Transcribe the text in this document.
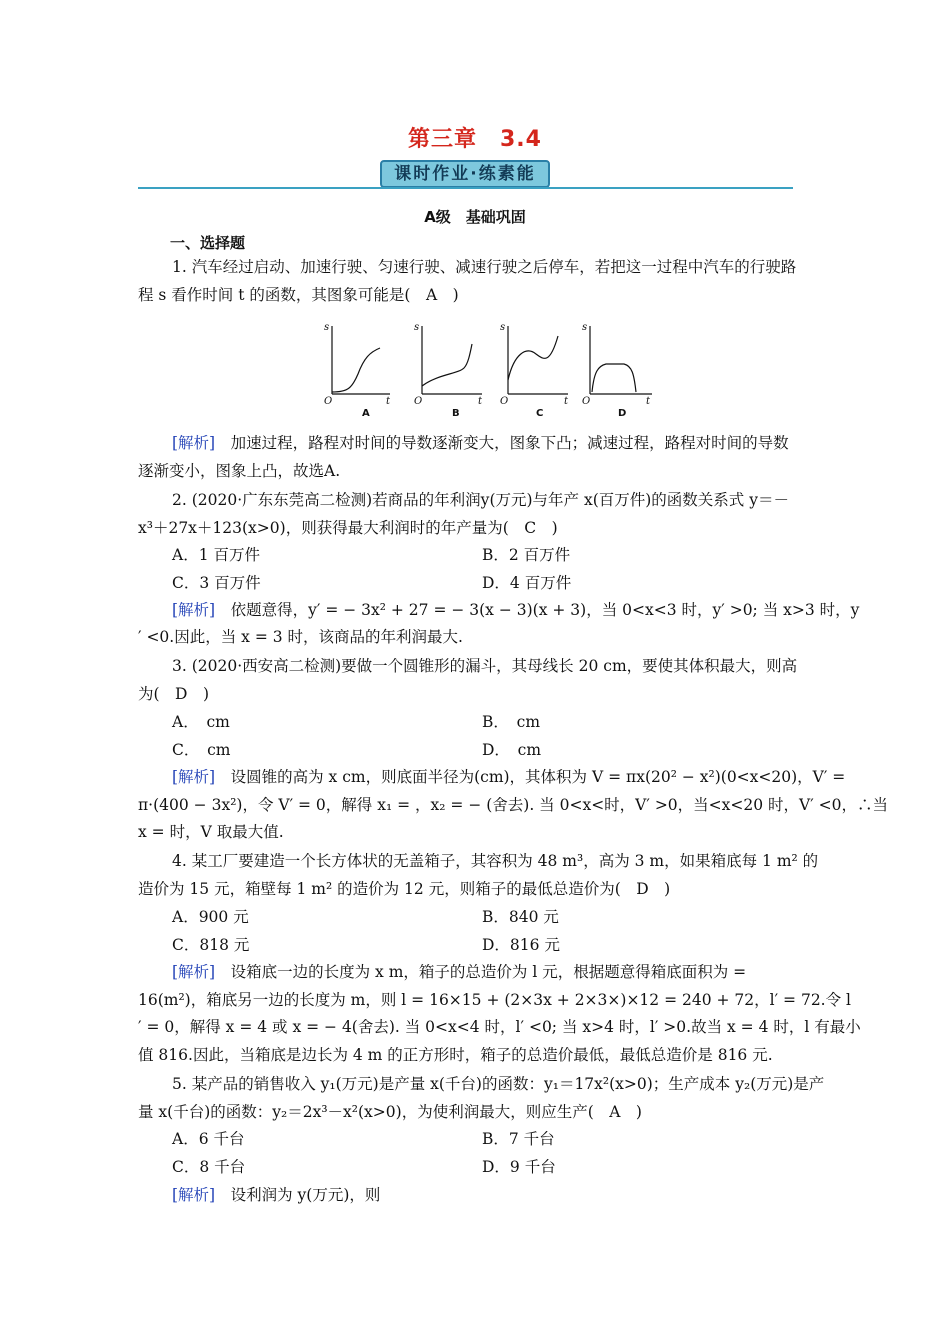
第三章　3.4
课时作业·练素能
A级　基础巩固
一、选择题
1. 汽车经过启动、加速行驶、匀速行驶、减速行驶之后停车，若把这一过程中汽车的行驶路
程 s 看作时间 t 的函数，其图象可能是(　A　)
s
t
O
s
t
O
s
t
O
s
t
O
A	B	C	D
[解析]　加速过程，路程对时间的导数逐渐变大，图象下凸；减速过程，路程对时间的导数
逐渐变小，图象上凸，故选A.
2. (2020·广东东莞高二检测)若商品的年利润y(万元)与年产 x(百万件)的函数关系式 y＝－
x³＋27x＋123(x>0)，则获得最大利润时的年产量为(　C　)
A．1 百万件	B．2 百万件
C．3 百万件	D．4 百万件
[解析]　依题意得，y′ = − 3x² + 27 = − 3(x − 3)(x + 3)，当 0<x<3 时，y′ >0; 当 x>3 时，y
′ <0.因此，当 x = 3 时，该商品的年利润最大.
3. (2020·西安高二检测)要做一个圆锥形的漏斗，其母线长 20 cm，要使其体积最大，则高
为(　D　)
A．　cm	B．　cm
C．　cm	D．　cm
[解析]　设圆锥的高为 x cm，则底面半径为(cm)，其体积为 V = πx(20² − x²)(0<x<20)，V′ =
π·(400 − 3x²)，令 V′ = 0，解得 x₁ = ，x₂ = − (舍去). 当 0<x<时，V′ >0，当<x<20 时，V′ <0，∴当
x = 时，V 取最大值.
4. 某工厂要建造一个长方体状的无盖箱子，其容积为 48 m³，高为 3 m，如果箱底每 1 m² 的
造价为 15 元，箱壁每 1 m² 的造价为 12 元，则箱子的最低总造价为(　D　)
A．900 元	B．840 元
C．818 元	D．816 元
[解析]　设箱底一边的长度为 x m，箱子的总造价为 l 元，根据题意得箱底面积为 =
16(m²)，箱底另一边的长度为 m，则 l = 16×15 + (2×3x + 2×3×)×12 = 240 + 72，l′ = 72.令 l
′ = 0，解得 x = 4 或 x = − 4(舍去). 当 0<x<4 时，l′ <0; 当 x>4 时，l′ >0.故当 x = 4 时，l 有最小
值 816.因此，当箱底是边长为 4 m 的正方形时，箱子的总造价最低，最低总造价是 816 元.
5. 某产品的销售收入 y₁(万元)是产量 x(千台)的函数：y₁＝17x²(x>0)；生产成本 y₂(万元)是产
量 x(千台)的函数：y₂＝2x³－x²(x>0)，为使利润最大，则应生产(　A　)
A．6 千台	B．7 千台
C．8 千台	D．9 千台
[解析]　设利润为 y(万元)，则
